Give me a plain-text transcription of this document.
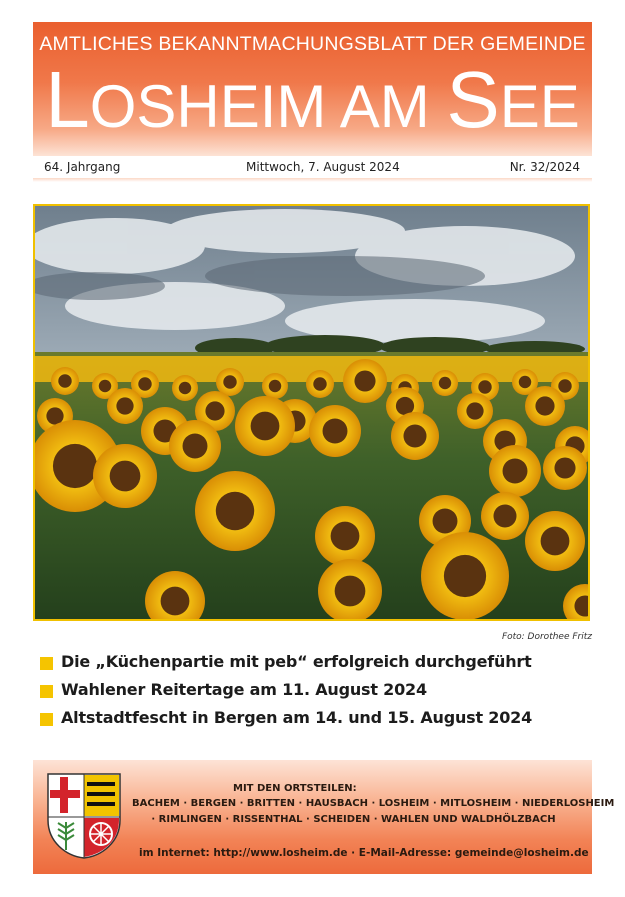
AMTLICHES BEKANNTMACHUNGSBLATT DER GEMEINDE
LOSHEIM AM SEE
64. Jahrgang	Mittwoch, 7. August 2024	Nr. 32/2024
Foto: Dorothee Fritz
Die „Küchenpartie mit peb“ erfolgreich durchgeführt
Wahlener Reitertage am 11. August 2024
Altstadtfescht in Bergen am 14. und 15. August 2024
MIT DEN ORTSTEILEN:
BACHEM · BERGEN · BRITTEN · HAUSBACH · LOSHEIM · MITLOSHEIM · NIEDERLOSHEIM
· RIMLINGEN · RISSENTHAL · SCHEIDEN · WAHLEN UND WALDHÖLZBACH
im Internet: http://www.losheim.de · E-Mail-Adresse: gemeinde@losheim.de
